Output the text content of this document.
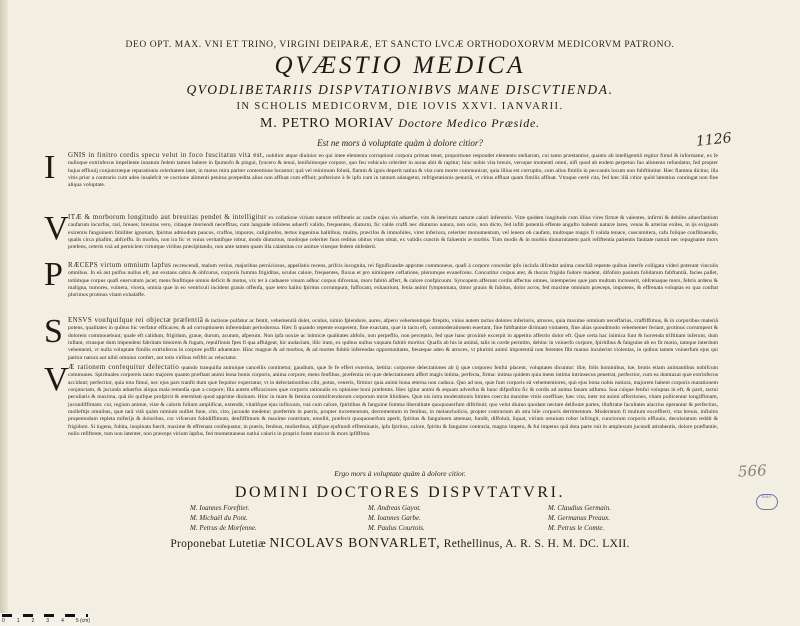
DEO OPT. MAX. VNI ET TRINO, VIRGINI DEIPARÆ, ET SANCTO LVCÆ ORTHODOXORVM MEDICORVM PATRONO.
QVÆSTIO MEDICA
QVODLIBETARIIS DISPVTATIONIBVS MANE DISCVTIENDA.
IN SCHOLIS MEDICORVM, DIE IOVIS XXVI. IANVARII.
M. PETRO MORIAV Doctore Medico Præside.
Est ne mors à voluptate quàm à dolore citior?	1126
I GNIS in finitro cordis specu velut in foco fuscitatus vita est, nobilior atque diuinior eo qui intee elementa corruptioni corpora primas tenet, proportione respondet elemento stellarum, cui tanto præstantior, quanto ab intelligentiâ regitur fimul & informatur, ex fe nulloque extrinfecus impellente innatum fedem tamen habere in fpumofo & pingui, fyncero & tenui, lenifsimoque corpore, quo feu vehiculo celeriter in auras abit & rapitur; hinc nobis vita breuis, veroque momenti omni, nifi quod ab eodem perpetuo fuo alimento refundatur, fed propter hujus effluuij conjunctæque reparationis celeritatem latet, in motus mira pariter contentione locantur; quâ vel minimum folutâ, flamm & ignis deperit natiua & vita cum morte communicat, quia illius est corruptio, cum alius fimilis in peccantis locum non fubftituitur. Hæc flamma dicitur, illa vitis prior a contrario cum adeo insalefcit ve coctione alimenti penitus præpedita alius non affluat cum effluit; pofteriore à fe ipfo cum in tantum adaugetur, refrigerationis penuriâ, vt citius effluat quam fimilis affluat. Vtraque certè cita, fed hæc illâ citior quòd latentius contingat non fine aliqua voluptate.
V ITÆ & morborum longitudo aut breuitas pendet & intelligitur ex collatione virium naturæ refiftentis ac caufæ cujus vis aduerfæ, vim & interitum naturæ calori inferentis. Vitæ quidem longitudo cum illius vires firmæ & valentes, infirmi & debiles aduerfantium caufarum incurfus, rari, breues; breuitas vero, citiaque moriendi neceffitas, cum languide infolens aduerfi valido, frequentes, diuturni, fic valde craffi nec diuturno natura, non ocio, non dicto, fed infiti potentià effente angufto habenti naturæ lares, venas & arterias exiles, in ijs exiguum exiremis fanguinem fimiliter ignotum, fpiritus admodum paucos, craffos, impuros, caliginofos, tertus ingenitus halitibus, multis, præcifos & immobiles, viret inferiora, celeriter monumentum, vel lenem ob caufam, multoque magis fi valida tenace, cuecumitera, cafu folique conflituendis, qualis circa phafim, abfceffu. In morbis, non ira fic vt vnius veritatifque robur, modo diuturnus, modoque celeriter fuos reditus obitus vitas obtat, ex validis cunctis & faluentis æ morbis. Tum modis & in morbis diuturnitatem parit refiftentia patientis fanitate naturâ nec repugnante mors præfens, ceteris vnà ad perniciem virtutque viribus præcipitando, non ante tamen quam illa calamitas cor animæ vitæque fedem obfederit.
P RÆCEPS virtum omnium lapfus recrescendi, malum verius, majoribus perniciosus, appellatio recens, prifcis incognita, rei fignificandæ apprime commoneus, quafi à corpore concedat ipfo inclufa difcedat anima conciliâ repente quibus interfe colligata videri poterant vinculis omnibus. In eâ aut pulfus nullus eft, aut exstans cabra & obfcurus, corporis fumma frigiditas, oculus calore, frequentes, fluxus et pro nimiopere ceflatione, plerumque evanefcens. Concutitur corpus ater, & thorax frigido fudore madent, difofoto panium folidarum fubftantiâ, facies pallet, totûmque corpus quafi enervatum jacet; mens fenfitique omnis deficit & motus, vix ter à caduaere viuum adhuc corpus difcernas, mors fubitò affert, & calore confpicuum. Syncopem afferunt cordis affectus omnes, intemperies quæ jam multum increuerit, obfcenaque mors, febris ardens & maligna, tumores, vulnera, vlcera, omnia quæ in eo ventriculi incident grauis offenfa, quæ tetro halitu fpiritus corrumpunt, fuffocant, exhauriunt, fenia animi fymptomata, timor grauis & fubitus, dolor acros, fed maxime omnium præceps, impotens, & effrenata voluptas ex qua conftat plurimos protinus vitam exhalaffe.
S ENSVS voufquifque rei objectæ præfentiâ & tactione pulfatur ac fentit, vehementiâ dolet, oculus, nimio fplendore, aures, afpero vehementique ftrepitu, vnius autem tactus dolores inferioris, atroces, quia maxime omnium neceffarius, craffiffimus, & in corporibus materiâ potens, qualitates in quibus hic verfatur efficaces; & ad corruptionem inferendam periodorosa. Hæc fi quando repente exuperent, fine exactam, quæ in tactu eft, commoderationem euertant, fine fubftantiæ dirimant vnitatem, fine alias quoudmodo vehementer feriant, protinus corrumpent & dolorem commouebunt; quale eft calidum, frigidum, graue, durum, acutum, afperum. Non ipfa noxiæ ac inimicæ qualitates abfolo, non perpeffio, non perceptio, fed quæ hanc proximè excerpit in appetitu affectio dolor eft. Quæ certa hac inimica funt & horrenda triftitiam inferunt, dum inftant, vtrasque dum impendent fabritam timorem & fugam, repulfionis fpes fi qua affulgeat, hic audaciam, illic iram, ex quibus nullus vaquam fubitò moritur. Quafis ab his in animâ, talis in corde permitto, dehinc in vniuerfo corpore, fpiritibus & fanguine ab eo fit motio, tamque interdum vehementi, vt nulla voluptate fimilis extrinfecus in corpore poffit aduentare. Hinc magnæ & ad morbos, & ad mortes fubitò inferendas opportunitates, fæuæque adeo & atroces, vt plurimi animi impotentiâ non ferentes fibi manus inculerint violentas, in quibus tamen vniuerfum ejus qui patitur natura aut nihil omnino confert, aut totis viribus refiftit ac reluctatur.
V Æ rationem confequitur delectatio quando tranquilla animique cancellis continetur, gaudium, quæ fe fe effert exterius, lætitia: corporeæ delectationes ab ij quæ corporeo fenfui placent, voluptates dicuntur: illæ, folis hominibus, hæ, brutis etiam animantibus nobifcum communes. Spirituales corporeis tanto majores quanto præftant animi bona bonis corporis, anima corpore, mens fenfibus, præfentia rei quæ delectationem affert magis intima, perfecta, firma: intima quidem quia mens intima intrinsecus penetrat, perfectior, cum ea dumtaxat quæ extrinfecus accidunt; perfectior, quia tota fimul, nec ejus pars tranfit dum quæ fequitur expectatur, vt in delectationibus cibi, potus, veneris, firmior quia animi bona æterna non caduca. Quo ad nos, quæ funt corporis eâ vehementiores, quò ejus bona nobis notiora, majorem habent corporis mutationem conjunctam, & jucunda aduerfus aliqua mala remedia quæ a corpore; Illa autem efficaciores quæ corporis rationalis ex opinione boni præfentis. Hæc igitur animi & æquam adverfus & hunc difpofitio fic & cordis ad anima fanam adfuma. Sua cuique fenfui voluptas in eft, & parti, tactui peculiaris & maxima, quâ ibi quifque profpicit & æternitati quod apprime diuinum. Hinc in mare & femina commifcendorum corporum miræ libidines. Quæ nis intra moderationis limites coercita maxime vitiis oxeffiuæ, hæc vita, inter tot animi affectiones, vitam pollicentur longiffimam, jucundiffimam: cor, regium animæ, vitæ & caloris folium amplificat, extendit, vitalifque ejus influxum, vnà cum calore, fpiritibus & fanguine fumma liberalitate quoquouerfum diftribuit; quo velut diuino quodam nectare delibutæ partes, illuftratæ facultates alacrius operantur & perfectius, molleftijs omnibus, quæ tarâ vitâ quàm nimium nulliet fune, cito, cito, jucunde medetur; præfertim in pueris, propter incrementum, decrementum in fenibus, in melancholicis, propter contrarium ab atra bile corporis detrimentum. Moderatum fi multum exceffierit, vita breuis, infinitis propemodum repleta miferijs & doloribus, cor vifcerum fobidiffimum, denfiffimum & maxime contritum, emollit, præfecit quoquouerfum aperit, fpiritus & fanguinem attenuat, fundit, diffoluit, liquat, virium omnium robur infringit, cunctorum corporis effluuio, decoloratum reddit & frigidum. Si ingens, fubita, inopinata fuerit, maxime & effrenata confequatur, in pueris, fenibus, mulieribus, alijfque ejufmodi effæminatis, ipfa fpiritus, calore, fpiritu & fanguine contraria, magno impetu, & fui impetus quâ dota parte ruit in amplexum jucundi attrahentis, dolore præflantie, nullo refiftente, tum non latenter, non præceps virium lapfus, fed momentaneus natiui caloris in proprio fonte marcor & mors ipfiffima.
566
Ergo mors à voluptate quàm à dolore citior.
DOMINI DOCTORES DISPVTATVRI.
M. Ioannes Foreftier.	M. Andreas Gayot.	M. Claudius Germain.
M. Michaël du Pont.	M. Ioannes Garbe.	M. Germanus Preaux.
M. Petrus de Morfenne.	M. Paulus Courtois.	M. Petrus le Comte.
B.N.F.
Proponebat Lutetiæ NICOLAVS BONVARLET, Rethellinus, A. R. S. H. M. DC. LXII.
0 1 2 3 4 5 (cm)
